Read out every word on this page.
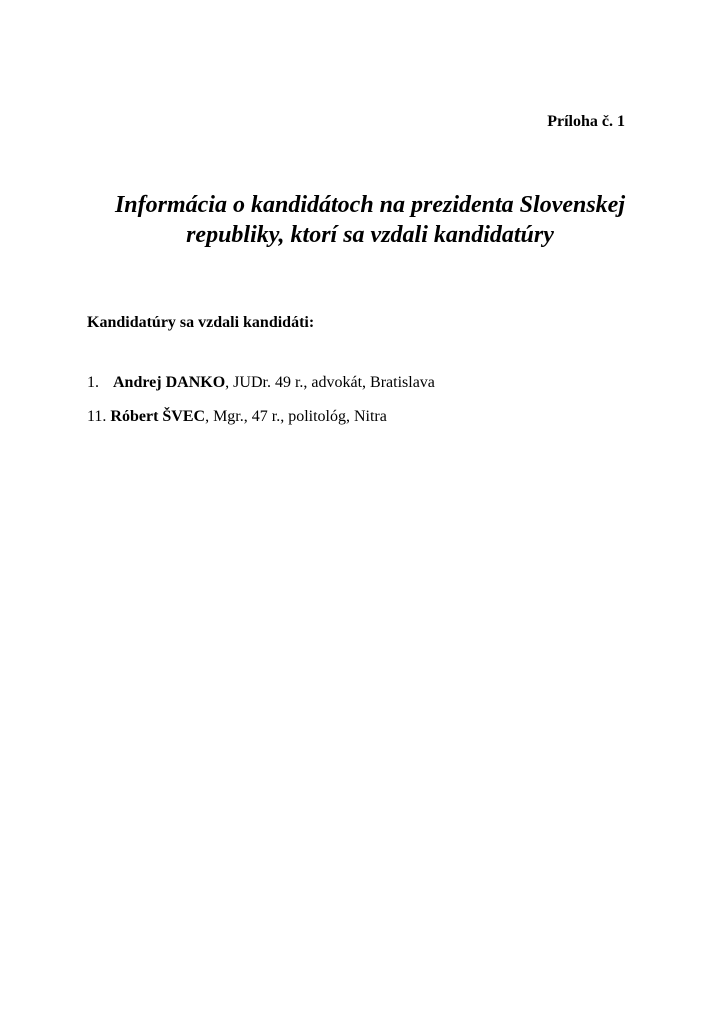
Príloha č. 1

Informácia o kandidátoch na prezidenta Slovenskej
republiky, ktorí sa vzdali kandidatúry

Kandidatúry sa vzdali kandidáti:

1. Andrej DANKO, JUDr. 49 r., advokát, Bratislava
11. Róbert ŠVEC, Mgr., 47 r., politológ, Nitra
